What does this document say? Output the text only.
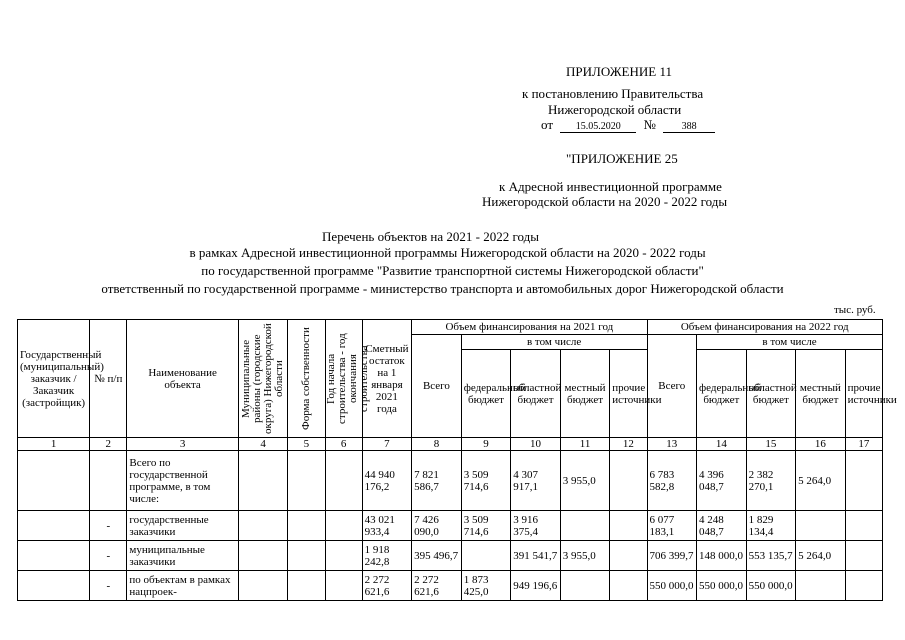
ПРИЛОЖЕНИЕ 11
к постановлению Правительства
Нижегородской области
от 15.05.2020 №	388
"ПРИЛОЖЕНИЕ 25
к Адресной инвестиционной программе
Нижегородской области на 2020 - 2022 годы
Перечень объектов на 2021 - 2022 годы
в рамках Адресной инвестиционной программы Нижегородской области на 2020 - 2022 годы
по государственной программе "Развитие транспортной системы Нижегородской области"
ответственный по государственной программе - министерство транспорта и автомобильных дорог Нижегородской области
тыс. руб.
Государственный (муниципальный) заказчик / Заказчик (застройщик)	№ п/п	Наименование объекта	Муниципальные районы (городские округа) Нижегородской области	Форма собственности	Год начала строительства - год окончания строительства	Сметный остаток на 1 января 2021 года	Объем финансирования на 2021 год					Объем финансирования на 2022 год				
							Всего	в том числе				Всего	в том числе			
								федеральный бюджет	областной бюджет	местный бюджет	прочие источники		федеральный бюджет	областной бюджет	местный бюджет	прочие источники
1	2	3	4	5	6	7	8	9	10	11	12	13	14	15	16	17
		Всего по государственной программе, в том числе:				44 940 176,2	7 821 586,7	3 509 714,6	4 307 917,1	3 955,0		6 783 582,8	4 396 048,7	2 382 270,1	5 264,0	
	-	государственные заказчики				43 021 933,4	7 426 090,0	3 509 714,6	3 916 375,4			6 077 183,1	4 248 048,7	1 829 134,4		
	-	муниципальные заказчики				1 918 242,8	395 496,7		391 541,7	3 955,0		706 399,7	148 000,0	553 135,7	5 264,0	
	-	по объектам в рамках нацпроек-				2 272 621,6	2 272 621,6	1 873 425,0	949 196,6			550 000,0	550 000,0	550 000,0		
